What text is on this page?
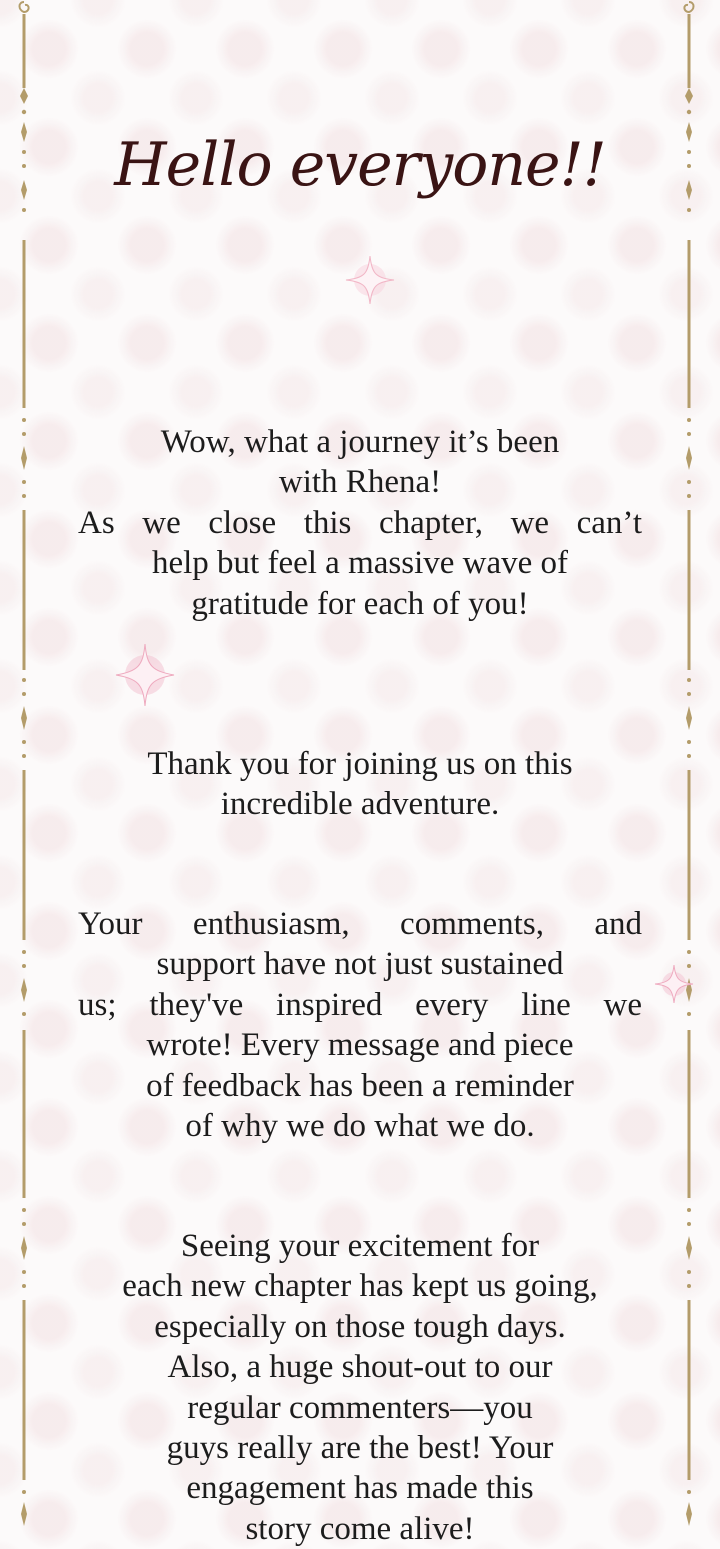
Hello everyone!!

Wow, what a journey it’s been
with Rhena!
As we close this chapter, we can’t
help but feel a massive wave of
gratitude for each of you!

Thank you for joining us on this
incredible adventure.

Your enthusiasm, comments, and
support have not just sustained
us; they've inspired every line we
wrote! Every message and piece
of feedback has been a reminder
of why we do what we do.

Seeing your excitement for
each new chapter has kept us going,
especially on those tough days.
Also, a huge shout-out to our
regular commenters—you
guys really are the best! Your
engagement has made this
story come alive!
